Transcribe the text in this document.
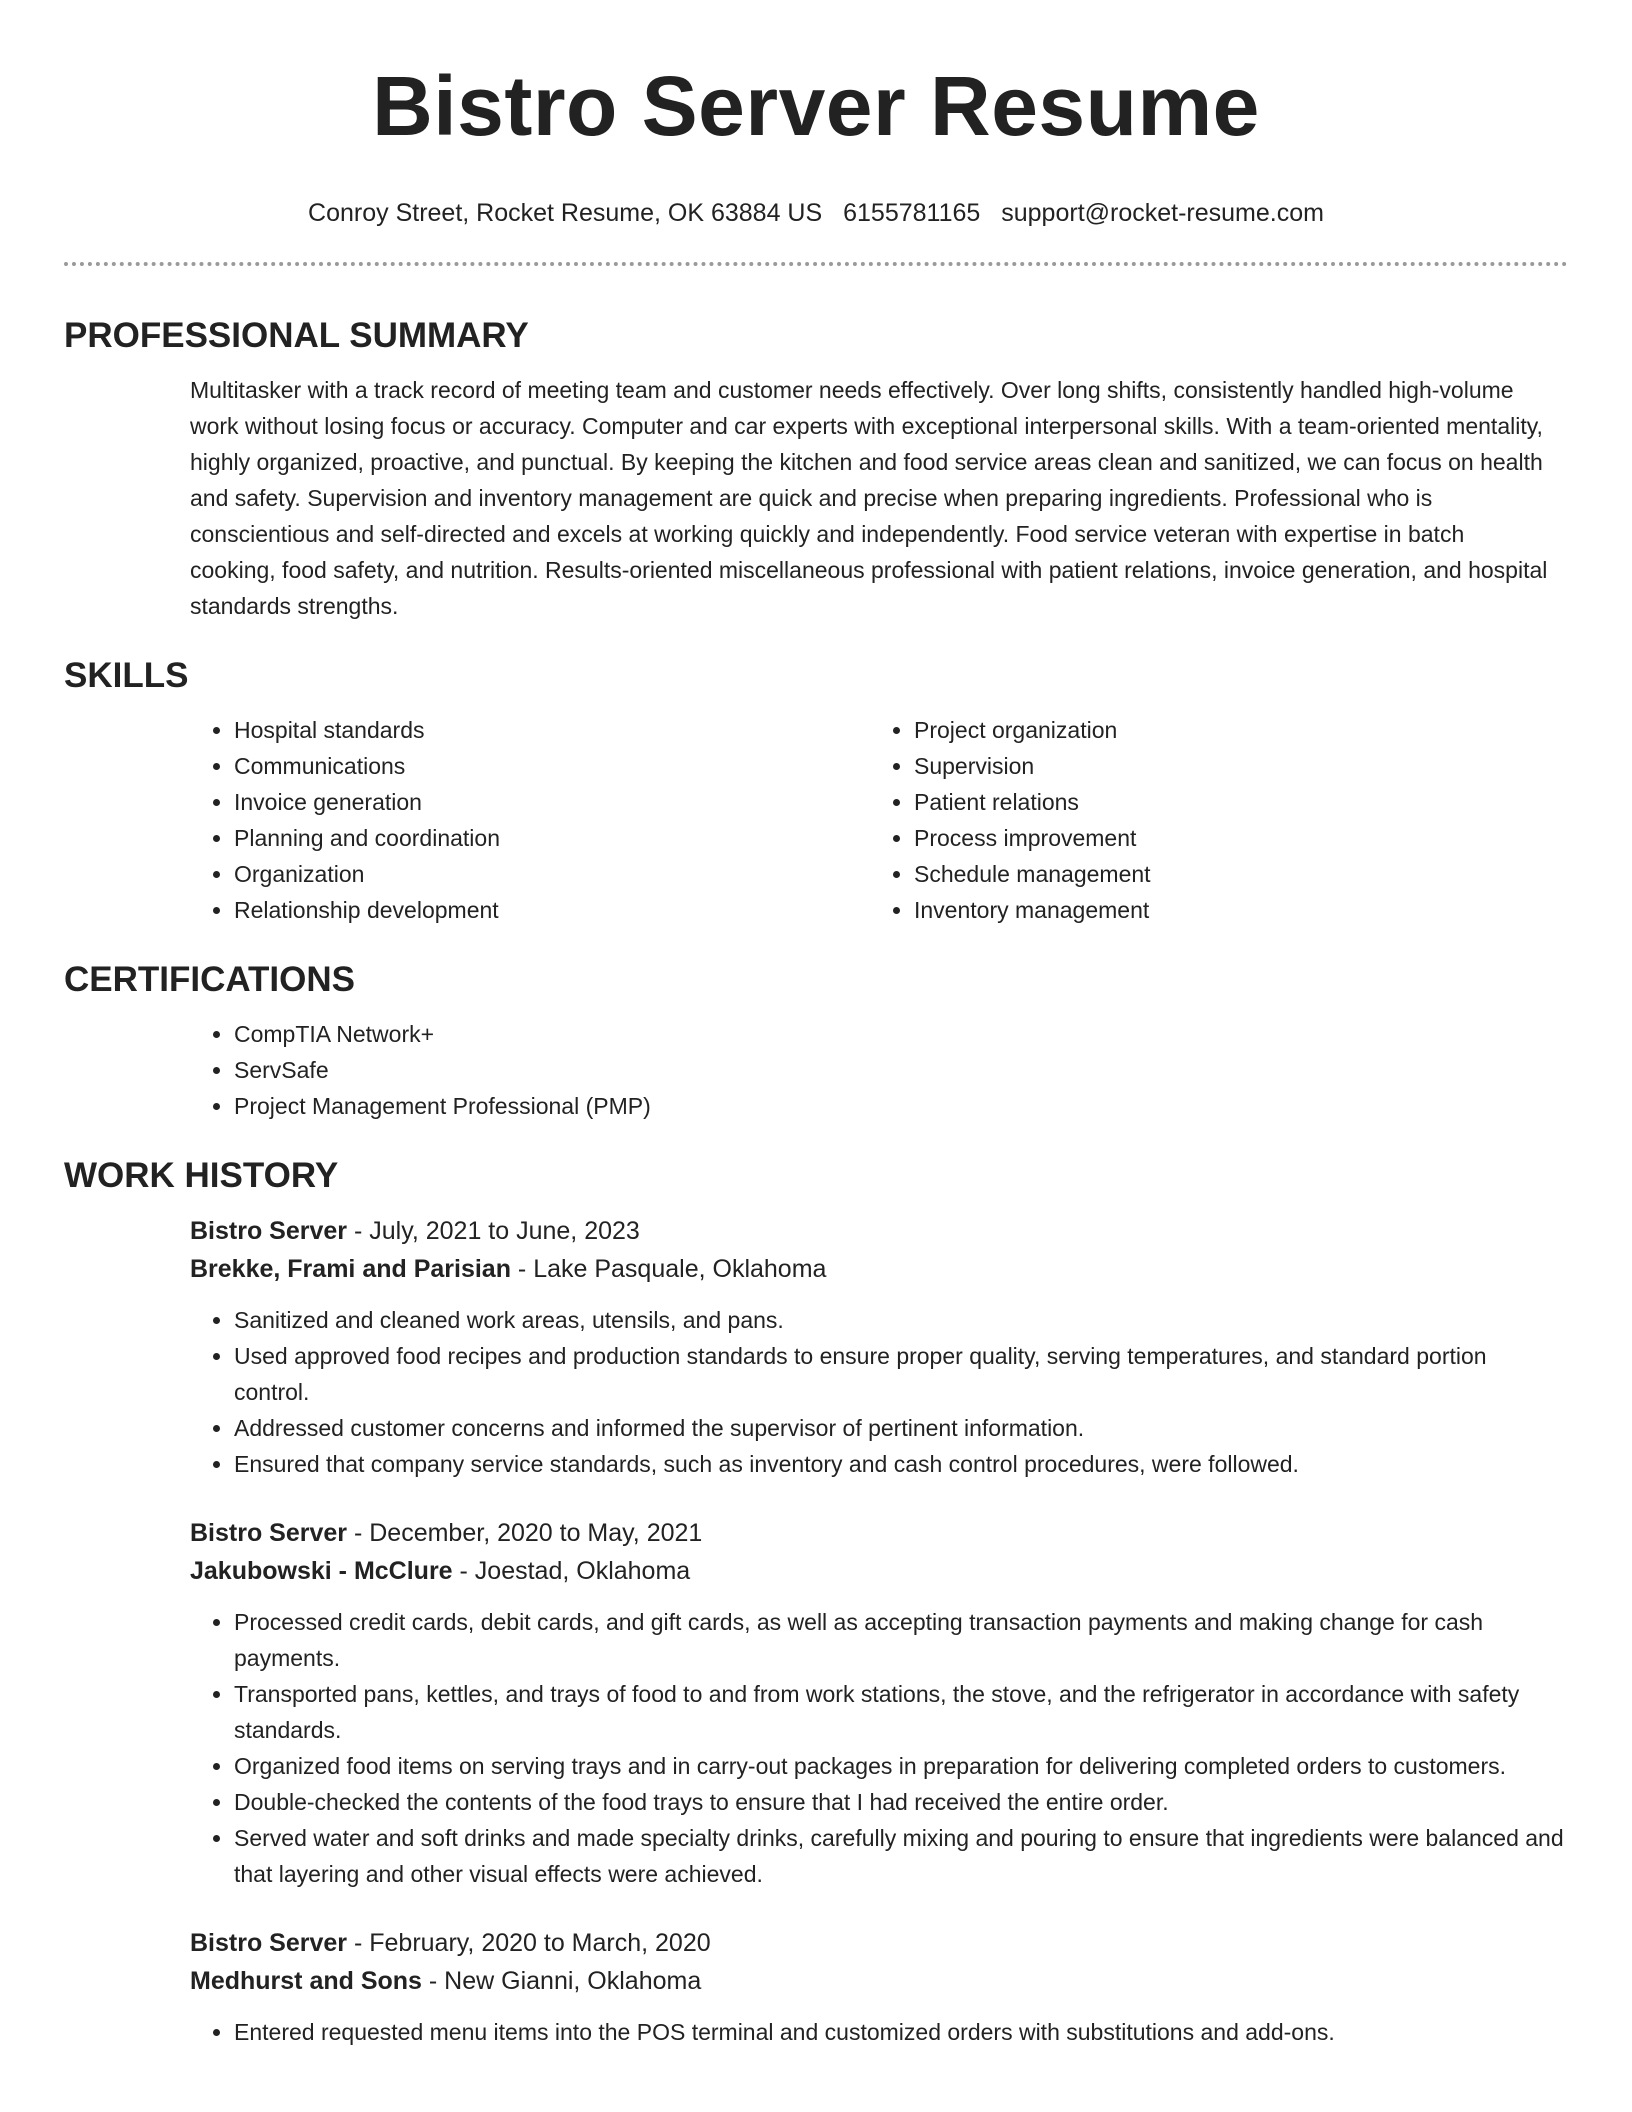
Bistro Server Resume
Conroy Street, Rocket Resume, OK 63884 US 6155781165 support@rocket-resume.com
PROFESSIONAL SUMMARY

Multitasker with a track record of meeting team and customer needs effectively. Over long shifts, consistently handled high-volume work without losing focus or accuracy. Computer and car experts with exceptional interpersonal skills. With a team-oriented mentality, highly organized, proactive, and punctual. By keeping the kitchen and food service areas clean and sanitized, we can focus on health and safety. Supervision and inventory management are quick and precise when preparing ingredients. Professional who is conscientious and self-directed and excels at working quickly and independently. Food service veteran with expertise in batch cooking, food safety, and nutrition. Results-oriented miscellaneous professional with patient relations, invoice generation, and hospital standards strengths.

SKILLS
• Hospital standards
• Communications
• Invoice generation
• Planning and coordination
• Organization
• Relationship development
• Project organization
• Supervision
• Patient relations
• Process improvement
• Schedule management
• Inventory management
CERTIFICATIONS
• CompTIA Network+
• ServSafe
• Project Management Professional (PMP)
WORK HISTORY
Bistro Server - July, 2021 to June, 2023
Brekke, Frami and Parisian - Lake Pasquale, Oklahoma
• Sanitized and cleaned work areas, utensils, and pans.
• Used approved food recipes and production standards to ensure proper quality, serving temperatures, and standard portion control.
• Addressed customer concerns and informed the supervisor of pertinent information.
• Ensured that company service standards, such as inventory and cash control procedures, were followed.
Bistro Server - December, 2020 to May, 2021
Jakubowski - McClure - Joestad, Oklahoma
• Processed credit cards, debit cards, and gift cards, as well as accepting transaction payments and making change for cash payments.
• Transported pans, kettles, and trays of food to and from work stations, the stove, and the refrigerator in accordance with safety standards.
• Organized food items on serving trays and in carry-out packages in preparation for delivering completed orders to customers.
• Double-checked the contents of the food trays to ensure that I had received the entire order.
• Served water and soft drinks and made specialty drinks, carefully mixing and pouring to ensure that ingredients were balanced and that layering and other visual effects were achieved.
Bistro Server - February, 2020 to March, 2020
Medhurst and Sons - New Gianni, Oklahoma
• Entered requested menu items into the POS terminal and customized orders with substitutions and add-ons.
